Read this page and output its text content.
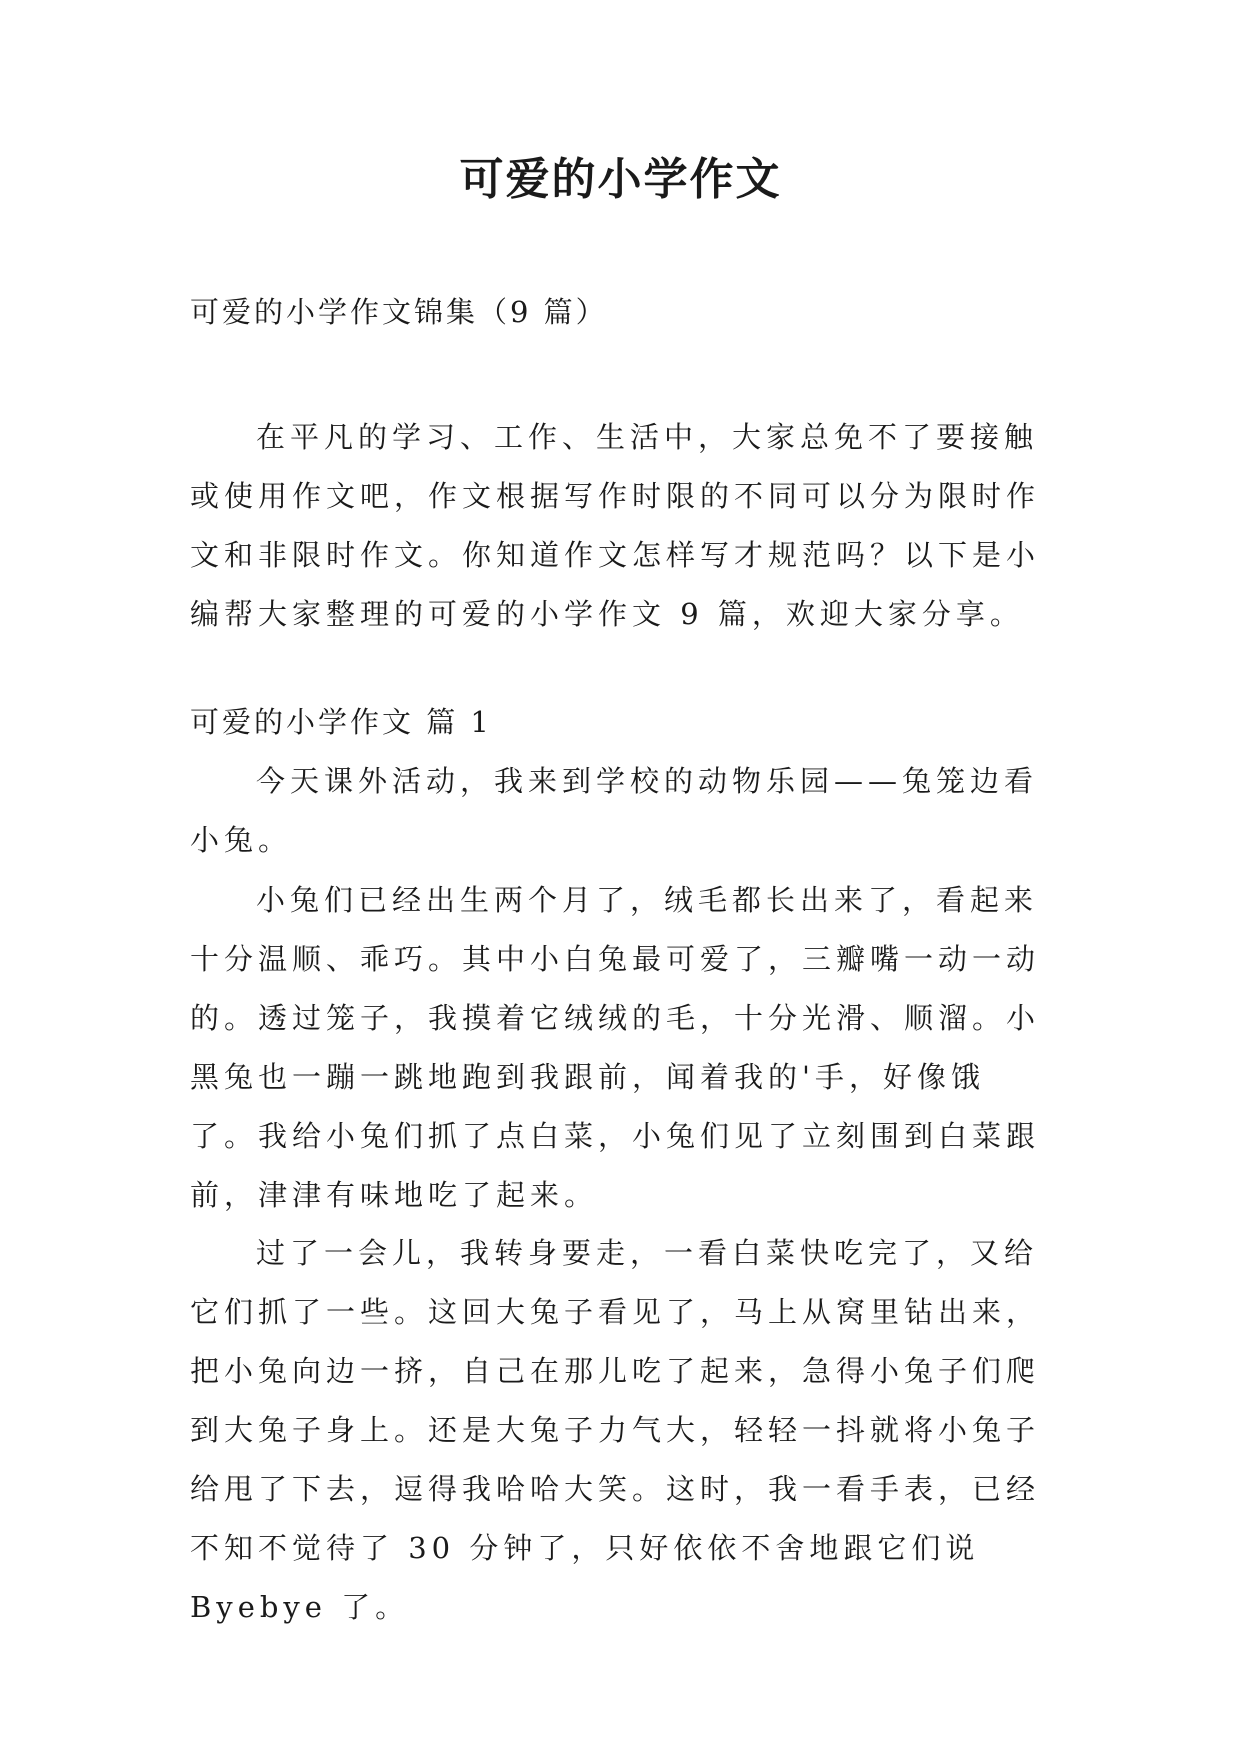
可爱的小学作文
可爱的小学作文锦集（9 篇）

在平凡的学习、工作、生活中，大家总免不了要接触或使用作文吧，作文根据写作时限的不同可以分为限时作文和非限时作文。你知道作文怎样写才规范吗？以下是小编帮大家整理的可爱的小学作文 9 篇，欢迎大家分享。

可爱的小学作文 篇 1

今天课外活动，我来到学校的动物乐园——兔笼边看小兔。

小兔们已经出生两个月了，绒毛都长出来了，看起来十分温顺、乖巧。其中小白兔最可爱了，三瓣嘴一动一动的。透过笼子，我摸着它绒绒的毛，十分光滑、顺溜。小黑兔也一蹦一跳地跑到我跟前，闻着我的'手，好像饿了。我给小兔们抓了点白菜，小兔们见了立刻围到白菜跟前，津津有味地吃了起来。

过了一会儿，我转身要走，一看白菜快吃完了，又给它们抓了一些。这回大兔子看见了，马上从窝里钻出来，把小兔向边一挤，自己在那儿吃了起来，急得小兔子们爬到大兔子身上。还是大兔子力气大，轻轻一抖就将小兔子给甩了下去，逗得我哈哈大笑。这时，我一看手表，已经不知不觉待了 30 分钟了，只好依依不舍地跟它们说 Byebye 了。
